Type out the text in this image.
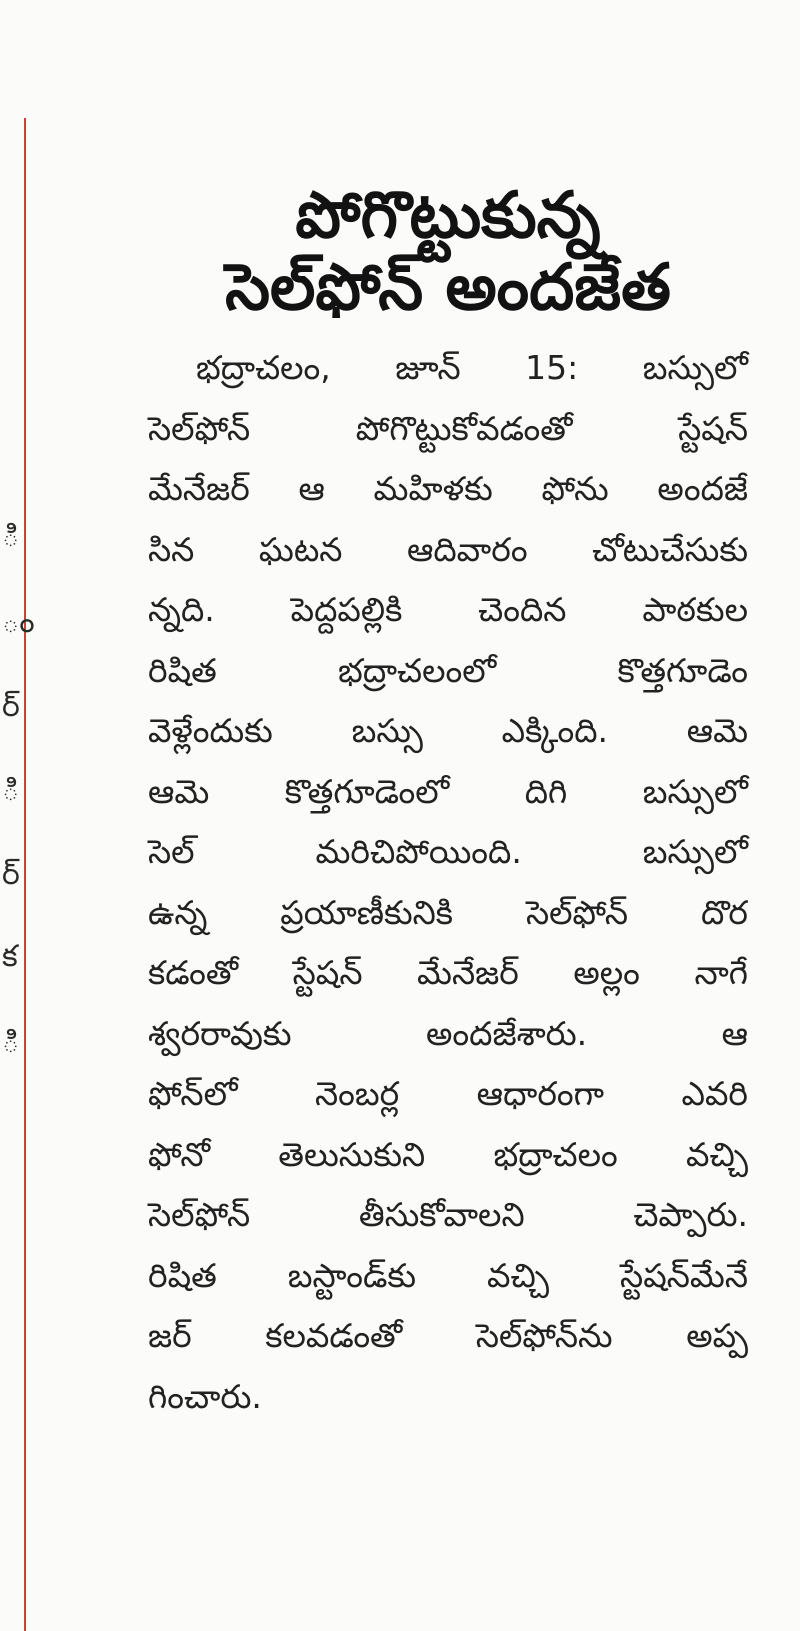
ి
ం
ర్
ి
ర్
క
ి
పోగొట్టుకున్న
సెల్‌ఫోన్‌ అందజేత
భద్రాచలం, జూన్‌ 15: బస్సులో
సెల్‌ఫోన్‌ పోగొట్టుకోవడంతో స్టేషన్‌
మేనేజర్‌ ఆ మహిళకు ఫోను అందజే
సిన ఘటన ఆదివారం చోటుచేసుకు
న్నది. పెద్దపల్లికి చెందిన పాఠకుల
రిషిత భద్రాచలంలో కొత్తగూడెం
వెళ్లేందుకు బస్సు ఎక్కింది. ఆమె
ఆమె కొత్తగూడెంలో దిగి బస్సులో
సెల్‌ మరిచిపోయింది. బస్సులో
ఉన్న ప్రయాణీకునికి సెల్‌ఫోన్‌ దొర
కడంతో స్టేషన్‌ మేనేజర్‌ అల్లం నాగే
శ్వరరావుకు అందజేశారు. ఆ
ఫోన్‌లో నెంబర్ల ఆధారంగా ఎవరి
ఫోనో తెలుసుకుని భద్రాచలం వచ్చి
సెల్‌ఫోన్‌ తీసుకోవాలని చెప్పారు.
రిషిత బస్టాండ్‌కు వచ్చి స్టేషన్‌మేనే
జర్‌ కలవడంతో సెల్‌ఫోన్‌ను అప్ప
గించారు.
